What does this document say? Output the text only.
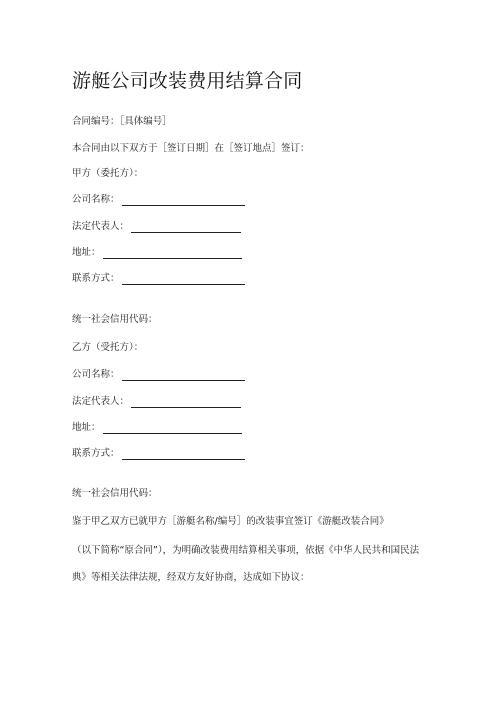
游艇公司改装费用结算合同
合同编号：［具体编号］
本合同由以下双方于［签订日期］在［签订地点］签订：
甲方（委托方）：
公司名称：
法定代表人：
地址：
联系方式：
统一社会信用代码：
乙方（受托方）：
公司名称：
法定代表人：
地址：
联系方式：
统一社会信用代码：
鉴于甲乙双方已就甲方［游艇名称/编号］的改装事宜签订《游艇改装合同》
（以下简称“原合同”），为明确改装费用结算相关事项，依据《中华人民共和国民法
典》等相关法律法规，经双方友好协商，达成如下协议：
